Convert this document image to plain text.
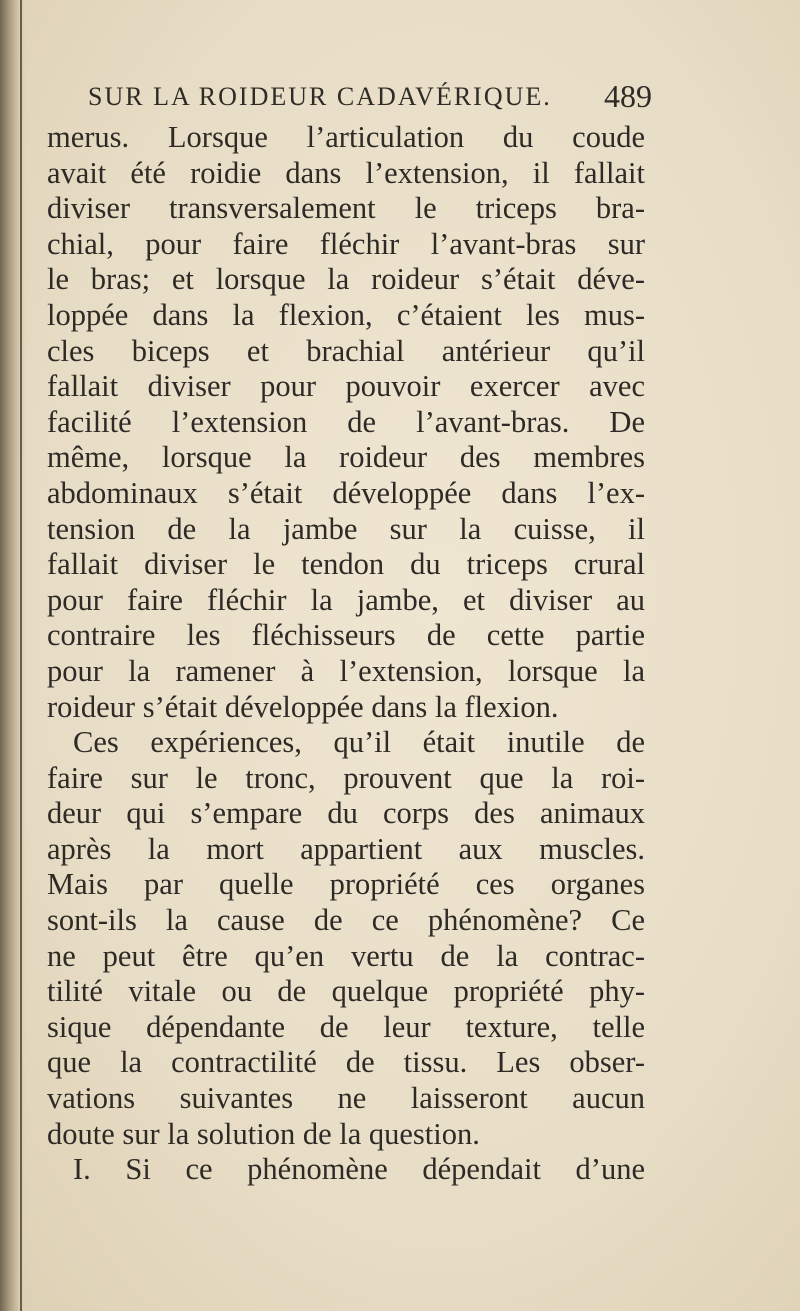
SUR LA ROIDEUR CADAVÉRIQUE. 489
merus. Lorsque l’articulation du coude
avait été roidie dans l’extension, il fallait
diviser transversalement le triceps bra-
chial, pour faire fléchir l’avant-bras sur
le bras; et lorsque la roideur s’était déve-
loppée dans la flexion, c’étaient les mus-
cles biceps et brachial antérieur qu’il
fallait diviser pour pouvoir exercer avec
facilité l’extension de l’avant-bras. De
même, lorsque la roideur des membres
abdominaux s’était développée dans l’ex-
tension de la jambe sur la cuisse, il
fallait diviser le tendon du triceps crural
pour faire fléchir la jambe, et diviser au
contraire les fléchisseurs de cette partie
pour la ramener à l’extension, lorsque la
roideur s’était développée dans la flexion.
Ces expériences, qu’il était inutile de
faire sur le tronc, prouvent que la roi-
deur qui s’empare du corps des animaux
après la mort appartient aux muscles.
Mais par quelle propriété ces organes
sont-ils la cause de ce phénomène? Ce
ne peut être qu’en vertu de la contrac-
tilité vitale ou de quelque propriété phy-
sique dépendante de leur texture, telle
que la contractilité de tissu. Les obser-
vations suivantes ne laisseront aucun
doute sur la solution de la question.
I. Si ce phénomène dépendait d’une
